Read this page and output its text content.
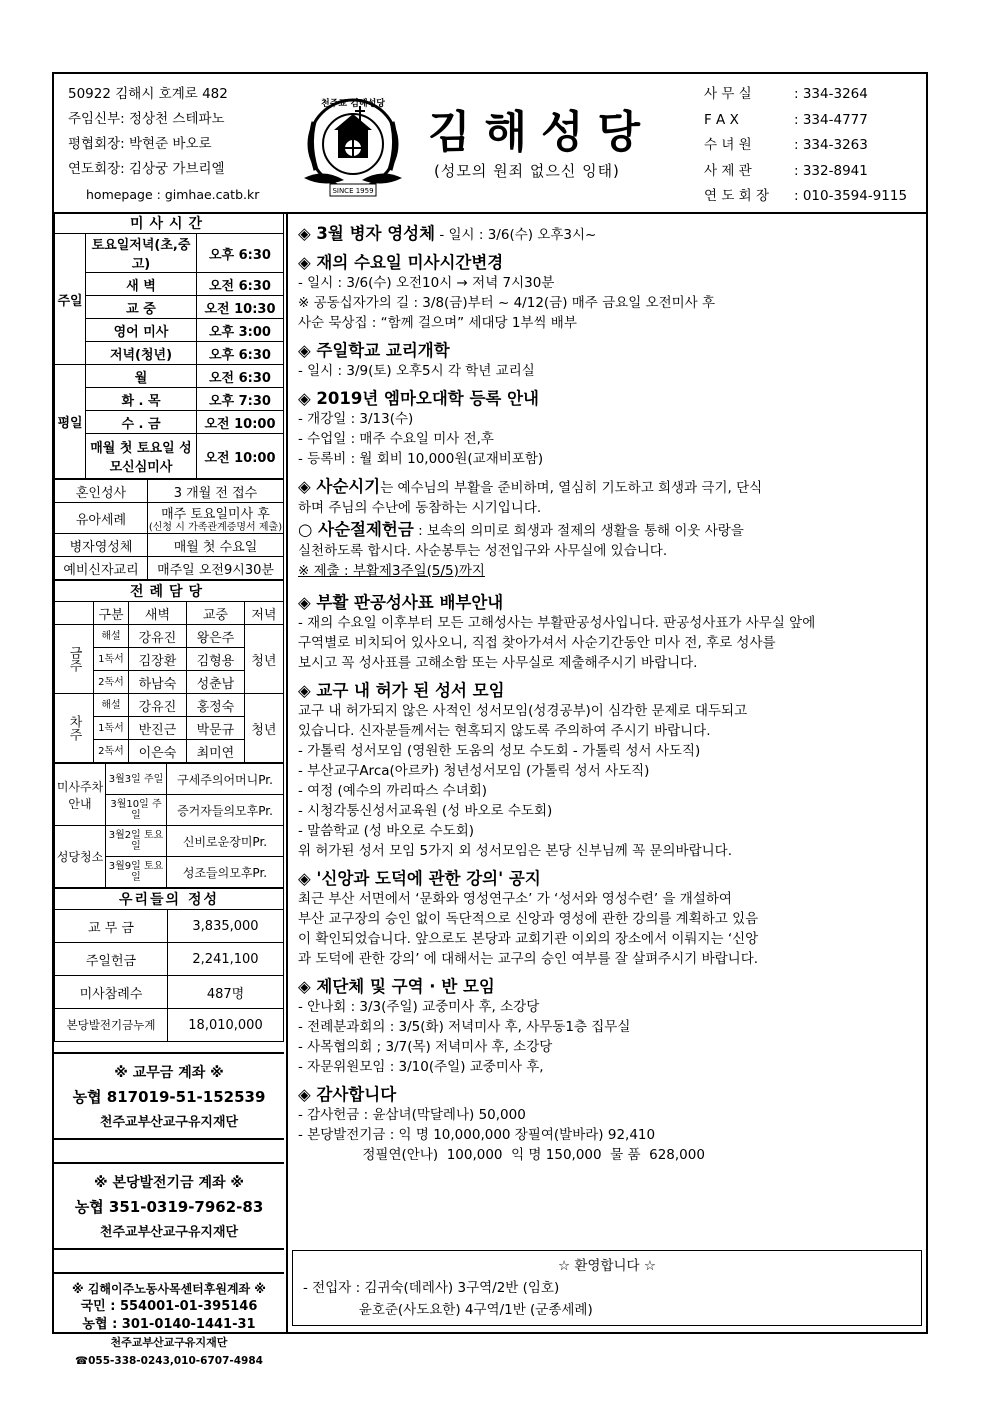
50922 김해시 호계로 482
주임신부: 정상천 스테파노
평협회장: 박현준 바오로
연도회장: 김상궁 가브리엘
homepage : gimhae.catb.kr	SINCE 1959
천주교 김해성당
김해성당
(성모의 원죄 없으신 잉태)
사 무 실	: 334-3264
F A X	: 334-4777
수 녀 원	: 334-3263
사 제 관	: 332-8941
연 도 회 장	: 010-3594-9115
미사시간		
주일	토요일저녁(초,중고)	오후 6:30
	새 벽	오전 6:30
	교 중	오전 10:30
	영어 미사	오후 3:00
	저녁(청년)	오후 6:30
평일	월	오전 6:30
	화 . 목	오후 7:30
	수 . 금	오전 10:00
	매월 첫 토요일 성모신심미사	오전 10:00
혼인성사	3 개월 전 접수
유아세례	매주 토요일미사 후
(신청 시 가족관계증명서 제출)

병자영성체	매월 첫 수요일
예비신자교리	매주일 오전9시30분
전례담당				
	구분	새벽	교중	저녁
금주	해설	강유진	왕은주	청년
	1독서	김장환	김형용	
	2독서	하남숙	성춘남	
차주	해설	강유진	홍정숙	청년
	1독서	반진근	박문규	
	2독서	이은숙	최미연	
미사주차안내	3월3일 주일	구세주의어머니Pr.
	3월10일 주일	증거자들의모후Pr.
성당청소	3월2일 토요일	신비로운장미Pr.
	3월9일 토요일	성조들의모후Pr.
우리들의 정성	
교 무 금	3,835,000
주일헌금	2,241,100
미사참례수	487명
본당발전기금누계	18,010,000
※ 교무금 계좌 ※
농협 817019-51-152539
천주교부산교구유지재단
※ 본당발전기금 계좌 ※
농협 351-0319-7962-83
천주교부산교구유지재단
※ 김해이주노동사목센터후원계좌 ※
국민 : 554001-01-395146
농협 : 301-0140-1441-31
천주교부산교구유지재단
☎055-338-0243,010-6707-4984
◈ 3월 병자 영성체 - 일시 : 3/6(수) 오후3시~
◈ 재의 수요일 미사시간변경
- 일시 : 3/6(수) 오전10시 → 저녁 7시30분
※ 공동십자가의 길 : 3/8(금)부터 ~ 4/12(금) 매주 금요일 오전미사 후
사순 묵상집 : “함께 걸으며” 세대당 1부씩 배부
◈ 주일학교 교리개학
- 일시 : 3/9(토) 오후5시 각 학년 교리실
◈ 2019년 엠마오대학 등록 안내
- 개강일 : 3/13(수)
- 수업일 : 매주 수요일 미사 전,후
- 등록비 : 월 회비 10,000원(교재비포함)
◈ 사순시기는 예수님의 부활을 준비하며, 열심히 기도하고 희생과 극기, 단식
하며 주님의 수난에 동참하는 시기입니다.
○ 사순절제헌금 : 보속의 의미로 희생과 절제의 생활을 통해 이웃 사랑을
실천하도록 합시다. 사순봉투는 성전입구와 사무실에 있습니다.
※ 제출 : 부활제3주일(5/5)까지
◈ 부활 판공성사표 배부안내
- 재의 수요일 이후부터 모든 고해성사는 부활판공성사입니다. 판공성사표가 사무실 앞에
구역별로 비치되어 있사오니, 직접 찾아가셔서 사순기간동안 미사 전, 후로 성사를
보시고 꼭 성사표를 고해소함 또는 사무실로 제출해주시기 바랍니다.
◈ 교구 내 허가 된 성서 모임
교구 내 허가되지 않은 사적인 성서모임(성경공부)이 심각한 문제로 대두되고
있습니다. 신자분들께서는 현혹되지 않도록 주의하여 주시기 바랍니다.
- 가톨릭 성서모임 (영원한 도움의 성모 수도회 - 가톨릭 성서 사도직)
- 부산교구Arca(아르카) 청년성서모임 (가톨릭 성서 사도직)
- 여정 (예수의 까리따스 수녀회)
- 시청각통신성서교육원 (성 바오로 수도회)
- 말씀학교 (성 바오로 수도회)
위 허가된 성서 모임 5가지 외 성서모임은 본당 신부님께 꼭 문의바랍니다.
◈ '신앙과 도덕에 관한 강의' 공지
최근 부산 서면에서 ‘문화와 영성연구소’ 가 ‘성서와 영성수련’ 을 개설하여
부산 교구장의 승인 없이 독단적으로 신앙과 영성에 관한 강의를 계획하고 있음
이 확인되었습니다. 앞으로도 본당과 교회기관 이외의 장소에서 이뤄지는 ‘신앙
과 도덕에 관한 강의’ 에 대해서는 교구의 승인 여부를 잘 살펴주시기 바랍니다.
◈ 제단체 및 구역 · 반 모임
- 안나회 : 3/3(주일) 교중미사 후, 소강당
- 전례분과회의 : 3/5(화) 저녁미사 후, 사무동1층 집무실
- 사목협의회 ; 3/7(목) 저녁미사 후, 소강당
- 자문위원모임 : 3/10(주일) 교중미사 후,
◈ 감사합니다
- 감사헌금 : 윤삼녀(막달레나) 50,000
- 본당발전기금 : 익 명 10,000,000 장필여(발바라) 92,410
정필연(안나)  100,000  익 명 150,000  물 품  628,000
☆ 환영합니다 ☆
- 전입자 : 김귀숙(데레사) 3구역/2반 (임호)
윤호준(사도요한) 4구역/1반 (군종세례)
